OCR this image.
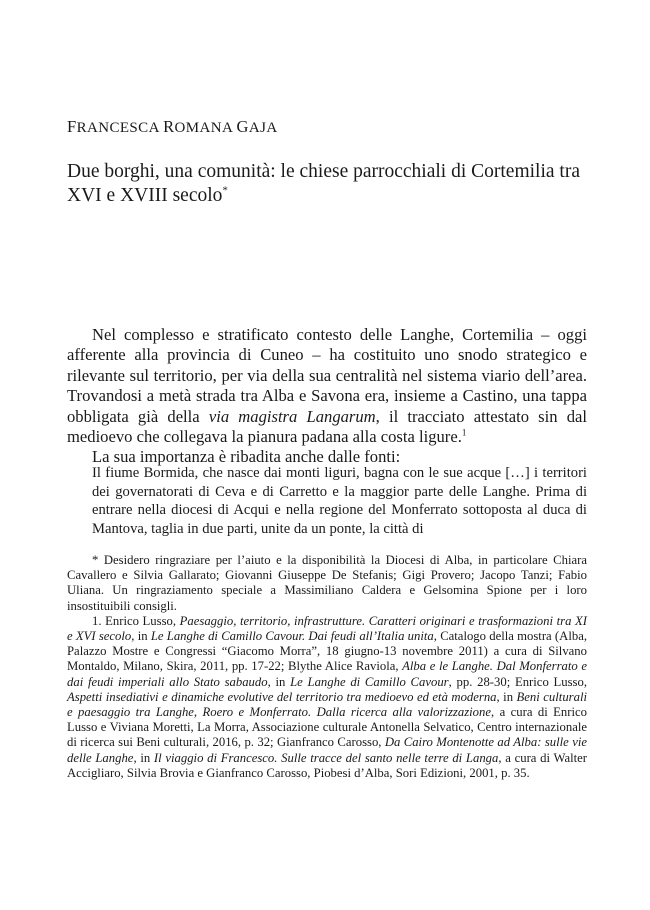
FRANCESCA ROMANA GAJA
Due borghi, una comunità: le chiese parrocchiali di Cortemilia tra XVI e XVIII secolo*

Nel complesso e stratificato contesto delle Langhe, Cortemilia – oggi afferente alla provincia di Cuneo – ha costituito uno snodo strategico e rilevante sul territorio, per via della sua centralità nel sistema viario dell’area. Trovandosi a metà strada tra Alba e Savona era, insieme a Castino, una tappa obbligata già della via magistra Langarum, il tracciato attestato sin dal medioevo che collegava la pianura padana alla costa ligure.$^1$

La sua importanza è ribadita anche dalle fonti:

Il fiume Bormida, che nasce dai monti liguri, bagna con le sue acque […] i territori dei governatorati di Ceva e di Carretto e la maggior parte delle Langhe. Prima di entrare nella diocesi di Acqui e nella regione del Monferrato sottoposta al duca di Mantova, taglia in due parti, unite da un ponte, la città di

* Desidero ringraziare per l’aiuto e la disponibilità la Diocesi di Alba, in particolare Chiara Cavallero e Silvia Gallarato; Giovanni Giuseppe De Stefanis; Gigi Provero; Jacopo Tanzi; Fabio Uliana. Un ringraziamento speciale a Massimiliano Caldera e Gelsomina Spione per i loro insostituibili consigli.

1. Enrico Lusso, Paesaggio, territorio, infrastrutture. Caratteri originari e trasformazioni tra XI e XVI secolo, in Le Langhe di Camillo Cavour. Dai feudi all’Italia unita, Catalogo della mostra (Alba, Palazzo Mostre e Congressi “Giacomo Morra”, 18 giugno-13 novembre 2011) a cura di Silvano Montaldo, Milano, Skira, 2011, pp. 17-22; Blythe Alice Raviola, Alba e le Langhe. Dal Monferrato e dai feudi imperiali allo Stato sabaudo, in Le Langhe di Camillo Cavour, pp. 28-30; Enrico Lusso, Aspetti insediativi e dinamiche evolutive del territorio tra medioevo ed età moderna, in Beni culturali e paesaggio tra Langhe, Roero e Monferrato. Dalla ricerca alla valorizzazione, a cura di Enrico Lusso e Viviana Moretti, La Morra, Associazione culturale Antonella Selvatico, Centro internazionale di ricerca sui Beni culturali, 2016, p. 32; Gianfranco Carosso, Da Cairo Montenotte ad Alba: sulle vie delle Langhe, in Il viaggio di Francesco. Sulle tracce del santo nelle terre di Langa, a cura di Walter Accigliaro, Silvia Brovia e Gianfranco Carosso, Piobesi d’Alba, Sori Edizioni, 2001, p. 35.
